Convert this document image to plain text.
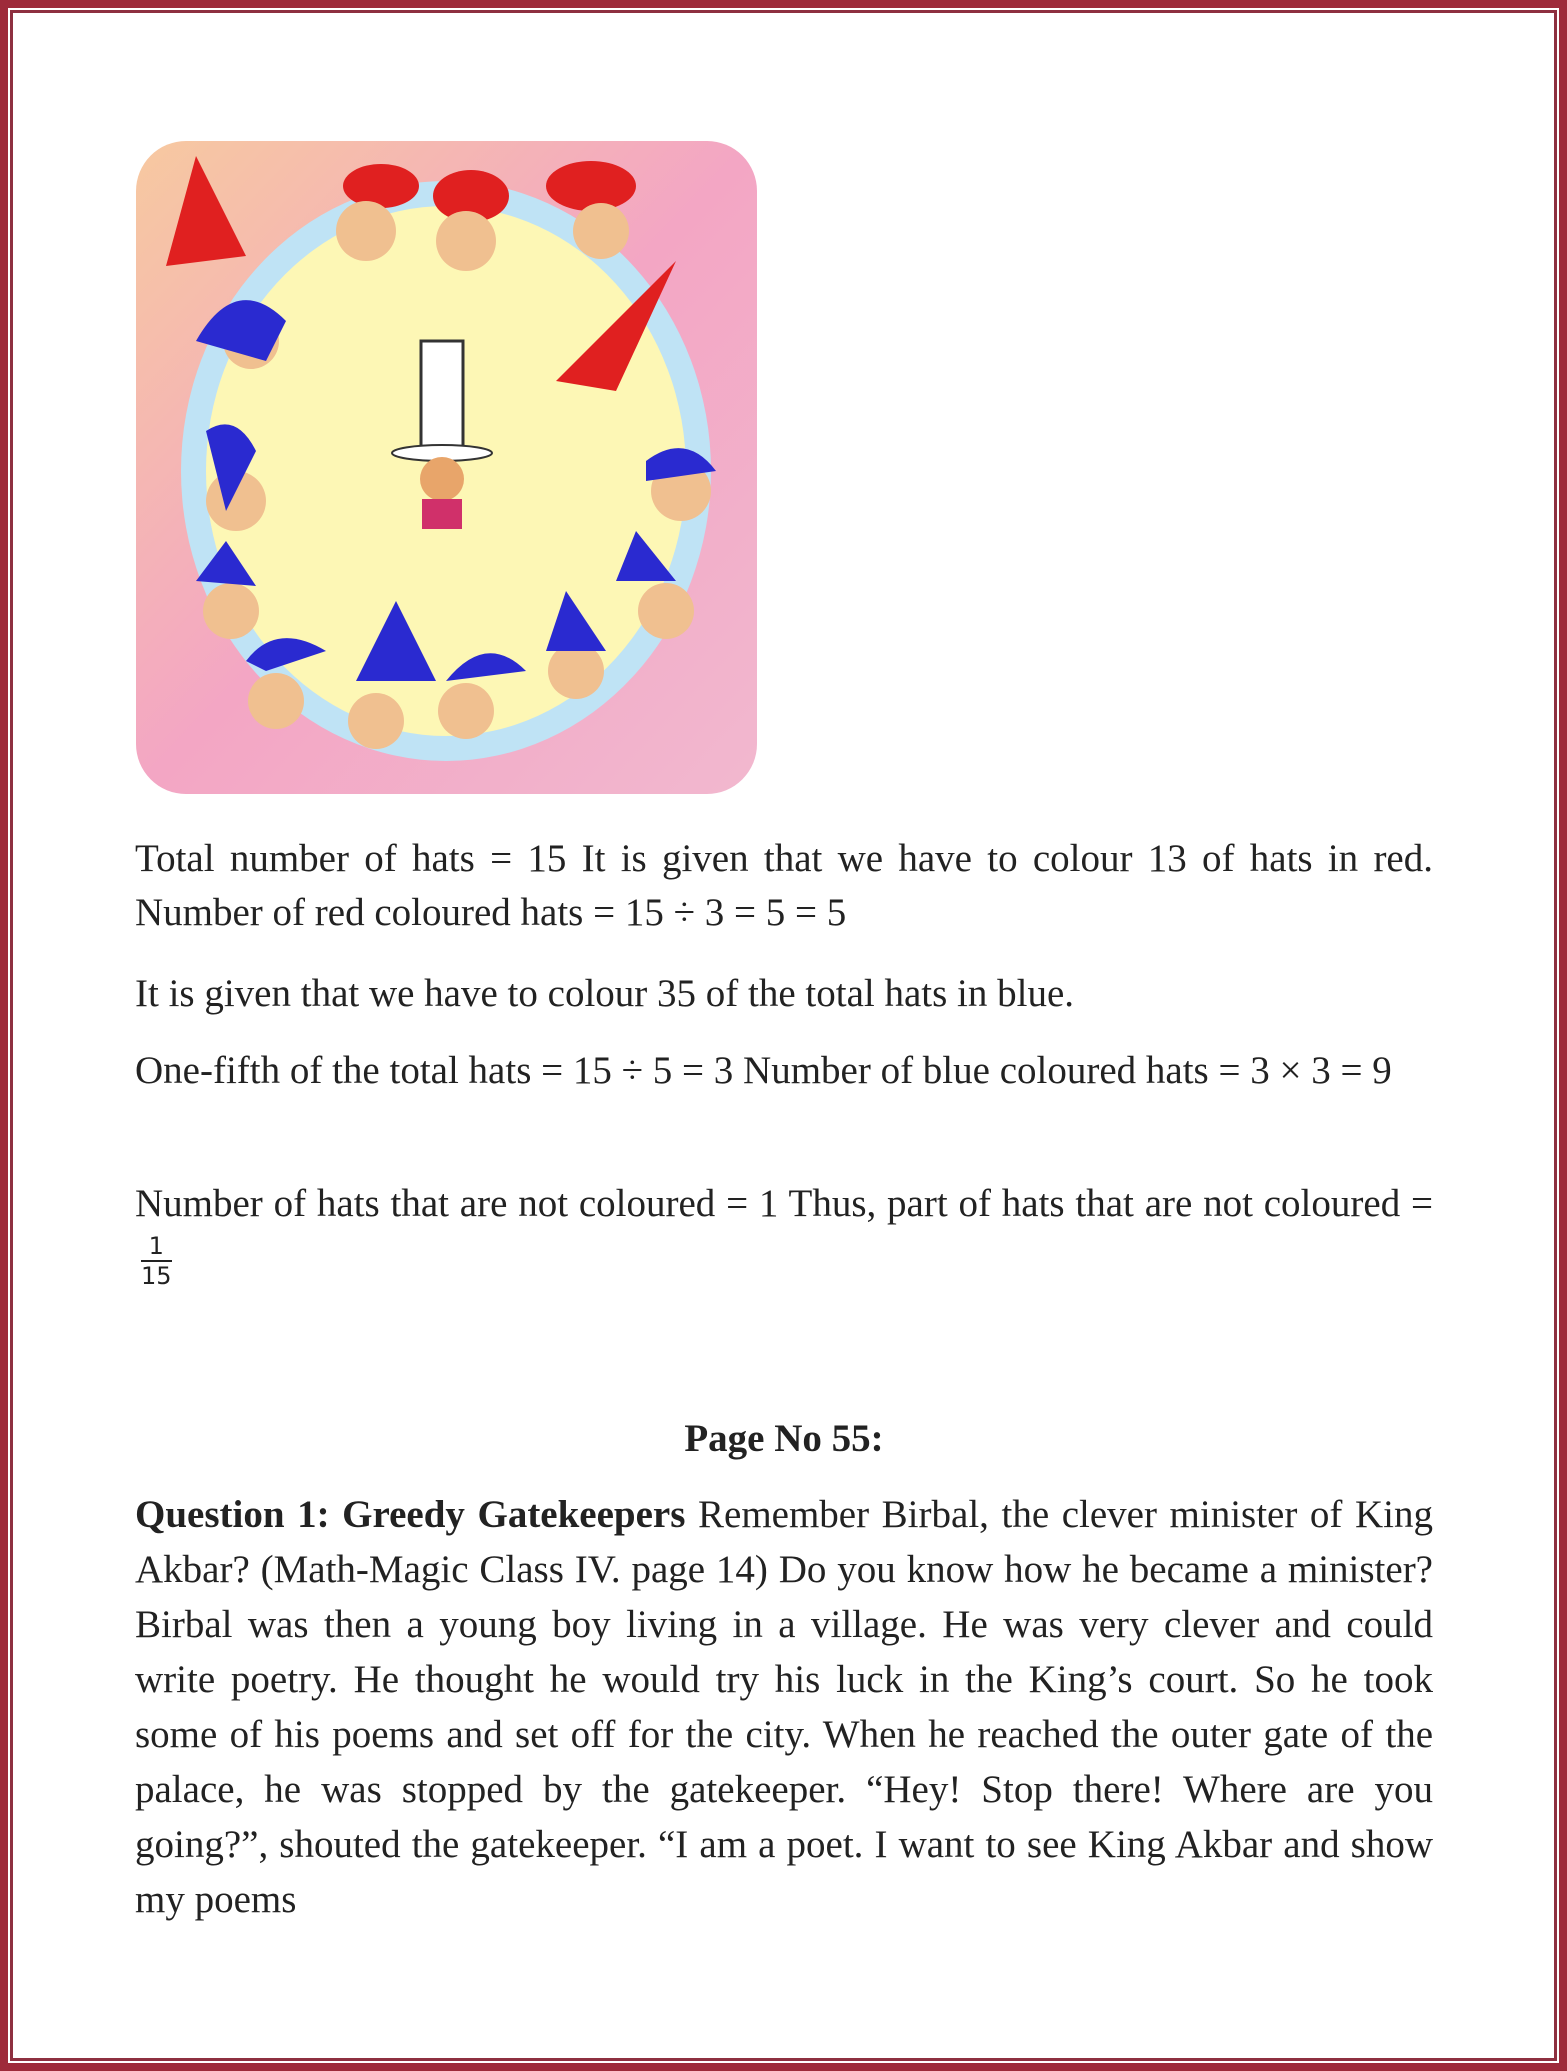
Total number of hats = 15 It is given that we have to colour 13 of hats in red. Number of red coloured hats = 15 ÷ 3 = 5 = 5
It is given that we have to colour 35 of the total hats in blue.
One-fifth of the total hats = 15 ÷ 5 = 3 Number of blue coloured hats = 3 × 3 = 9
Number of hats that are not coloured = 1 Thus, part of hats that are not coloured =
$\frac{1}{15}$
Page No 55:
Question 1: Greedy Gatekeepers Remember Birbal, the clever minister of King Akbar? (Math-Magic Class IV. page 14) Do you know how he became a minister? Birbal was then a young boy living in a village. He was very clever and could write poetry. He thought he would try his luck in the King’s court. So he took some of his poems and set off for the city. When he reached the outer gate of the palace, he was stopped by the gatekeeper. “Hey! Stop there! Where are you going?”, shouted the gatekeeper. “I am a poet. I want to see King Akbar and show my poems
